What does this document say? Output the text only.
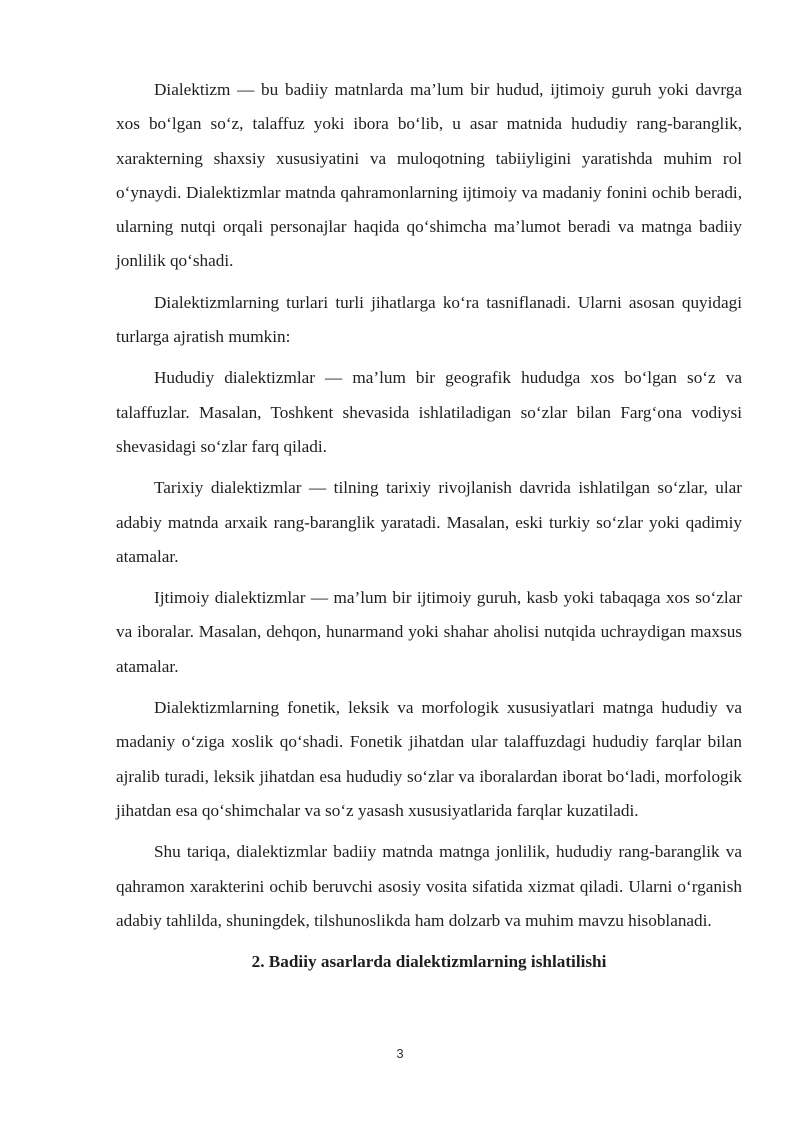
Dialektizm — bu badiiy matnlarda ma’lum bir hudud, ijtimoiy guruh yoki davrga xos bo‘lgan so‘z, talaffuz yoki ibora bo‘lib, u asar matnida hududiy rang-baranglik, xarakterning shaxsiy xususiyatini va muloqotning tabiiyligini yaratishda muhim rol o‘ynaydi. Dialektizmlar matnda qahramonlarning ijtimoiy va madaniy fonini ochib beradi, ularning nutqi orqali personajlar haqida qo‘shimcha ma’lumot beradi va matnga badiiy jonlilik qo‘shadi.

Dialektizmlarning turlari turli jihatlarga ko‘ra tasniflanadi. Ularni asosan quyidagi turlarga ajratish mumkin:

Hududiy dialektizmlar — ma’lum bir geografik hududga xos bo‘lgan so‘z va talaffuzlar. Masalan, Toshkent shevasida ishlatiladigan so‘zlar bilan Farg‘ona vodiysi shevasidagi so‘zlar farq qiladi.

Tarixiy dialektizmlar — tilning tarixiy rivojlanish davrida ishlatilgan so‘zlar, ular adabiy matnda arxaik rang-baranglik yaratadi. Masalan, eski turkiy so‘zlar yoki qadimiy atamalar.

Ijtimoiy dialektizmlar — ma’lum bir ijtimoiy guruh, kasb yoki tabaqaga xos so‘zlar va iboralar. Masalan, dehqon, hunarmand yoki shahar aholisi nutqida uchraydigan maxsus atamalar.

Dialektizmlarning fonetik, leksik va morfologik xususiyatlari matnga hududiy va madaniy o‘ziga xoslik qo‘shadi. Fonetik jihatdan ular talaffuzdagi hududiy farqlar bilan ajralib turadi, leksik jihatdan esa hududiy so‘zlar va iboralardan iborat bo‘ladi, morfologik jihatdan esa qo‘shimchalar va so‘z yasash xususiyatlarida farqlar kuzatiladi.

Shu tariqa, dialektizmlar badiiy matnda matnga jonlilik, hududiy rang-baranglik va qahramon xarakterini ochib beruvchi asosiy vosita sifatida xizmat qiladi. Ularni o‘rganish adabiy tahlilda, shuningdek, tilshunoslikda ham dolzarb va muhim mavzu hisoblanadi.

2. Badiiy asarlarda dialektizmlarning ishlatilishi

3
